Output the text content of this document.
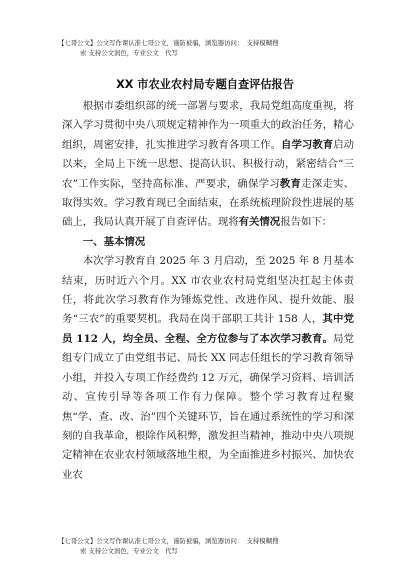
【七哥公文】公文写作课认准七哥公文，谨防被骗，浏览器访问：　支持模糊搜
索 支持公文润色，专业公文　代写
XX 市农业农村局专题自查评估报告

根据市委组织部的统一部署与要求，我局党组高度重视，将深入学习贯彻中央八项规定精神作为一项重大的政治任务，精心组织，周密安排，扎实推进学习教育各项工作。自学习教育启动以来，全局上下统一思想、提高认识、积极行动，紧密结合“三农”工作实际，坚持高标准、严要求，确保学习教育走深走实、取得实效。学习教育现已全面结束，在系统梳理阶段性进展的基础上，我局认真开展了自查评估。现将有关情况报告如下：

一、基本情况

本次学习教育自 2025 年 3 月启动，至 2025 年 8 月基本结束，历时近六个月。XX 市农业农村局党组坚决扛起主体责任，将此次学习教育作为锤炼党性、改进作风、提升效能、服务“三农”的重要契机。我局在岗干部职工共计 158 人，其中党员 112 人，均全员、全程、全方位参与了本次学习教育。局党组专门成立了由党组书记、局长 XX 同志任组长的学习教育领导小组，并投入专项工作经费约 12 万元，确保学习资料、培训活动、宣传引导等各项工作有力保障。整个学习教育过程聚焦“学、查、改、治”四个关键环节，旨在通过系统性的学习和深刻的自我革命，根除作风积弊，激发担当精神，推动中央八项规定精神在农业农村领域落地生根，为全面推进乡村振兴、加快农业农

【七哥公文】公文写作课认准七哥公文，谨防被骗，浏览器访问：　支持模糊搜
索 支持公文润色，专业公文　代写
